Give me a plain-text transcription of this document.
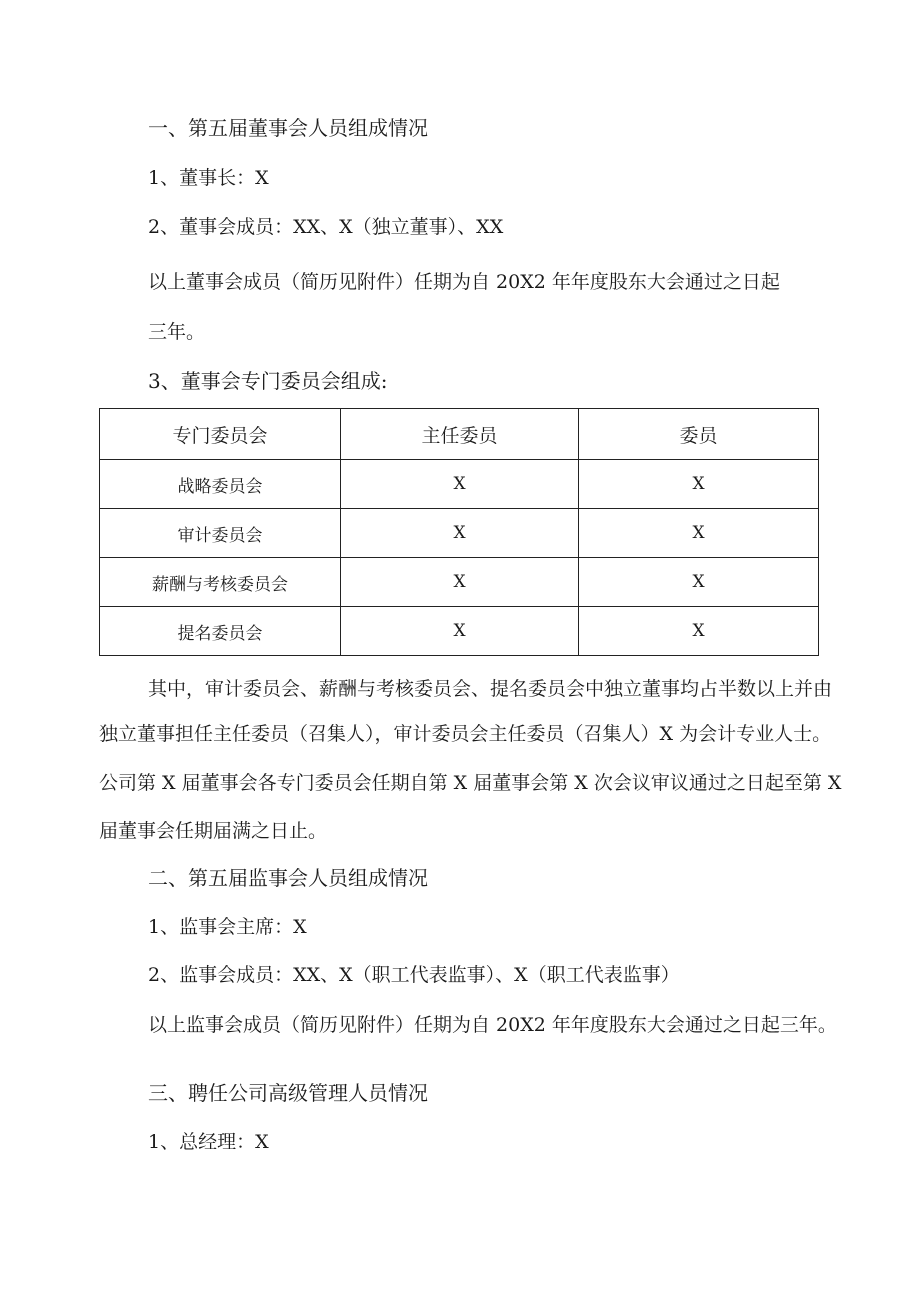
一、第五届董事会人员组成情况
1、董事长：X
2、董事会成员：XX、X（独立董事）、XX
以上董事会成员（简历见附件）任期为自 20X2 年年度股东大会通过之日起
三年。
3、董事会专门委员会组成:
专门委员会	主任委员	委员
战略委员会	X	X
审计委员会	X	X
薪酬与考核委员会	X	X
提名委员会	X	X
其中，审计委员会、薪酬与考核委员会、提名委员会中独立董事均占半数以上并由
独立董事担任主任委员（召集人），审计委员会主任委员（召集人）X 为会计专业人士。
公司第 X 届董事会各专门委员会任期自第 X 届董事会第 X 次会议审议通过之日起至第 X
届董事会任期届满之日止。
二、第五届监事会人员组成情况
1、监事会主席：X
2、监事会成员：XX、X（职工代表监事）、X（职工代表监事）
以上监事会成员（简历见附件）任期为自 20X2 年年度股东大会通过之日起三年。
三、聘任公司高级管理人员情况
1、总经理：X
